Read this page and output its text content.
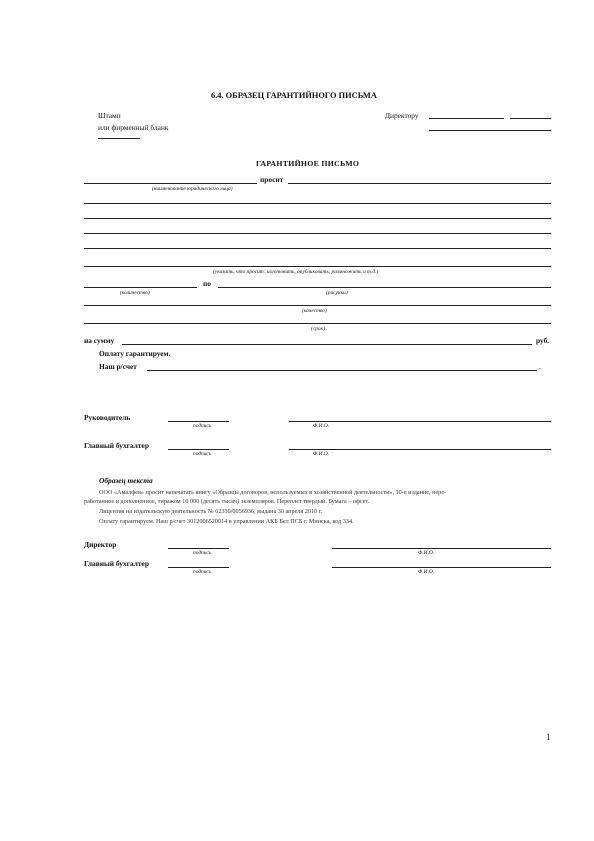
6.4. ОБРАЗЕЦ ГАРАНТИЙНОГО ПИСЬМА
Штамп
или фирменный бланк
Директору
ГАРАНТИЙНОЕ ПИСЬМО
просит
(наименование юридического лица)
(указать, что просит: изготовить, опубликовать, размножить и т.д.)
по
(количество)	(рисунки)
(качество)
(срок)
на сумму	руб.
Оплату гарантируем.
Наш р/счет	.
Руководитель
подпись	Ф.И.О.
Главный бухгалтер
подпись	Ф.И.О.
Образец текста
ООО «Амалфея» просит напечатать книгу «Образцы договоров, используемых в хозяйственной деятельности», 10-е издание, пере-
работанное и дополненное, тиражом 10 000 (десять тысяч) экземпляров. Переплет твердый. Бумага – офсет.
Лицензия на издательскую деятельность № 02330/0056936, выдана 30 апреля 2010 г.
Оплату гарантируем. Наш р/счет 3012006520014 в управлении АКБ Бел ПСБ г. Минска, код 334.
Директор
подпись	Ф.И.О.
Главный бухгалтер
подпись	Ф.И.О.
1
